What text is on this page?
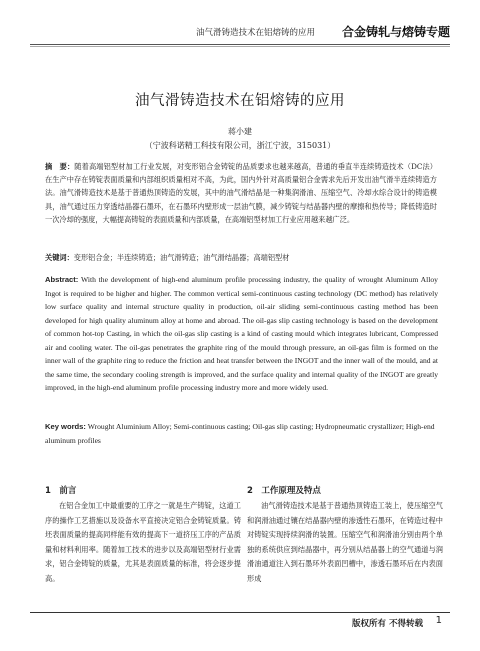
油气滑铸造技术在铝熔铸的应用 合金铸轧与熔铸专题
油气滑铸造技术在铝熔铸的应用
蒋小建
（宁波科诺精工科技有限公司，浙江宁波，315031）
摘　要：随着高端铝型材加工行业发展，对变形铝合金铸锭的品质要求也越来越高，普通的垂直半连续铸造技术（DC法）在生产中存在铸锭表面质量和内部组织质量相对不高，为此，国内外针对高质量铝合金需求先后开发出油气滑半连续铸造方法。油气滑铸造技术是基于普通热顶铸造的发展，其中的油气滑结晶是一种集润滑油、压缩空气、冷却水综合设计的铸造模具，油气通过压力穿透结晶器石墨环，在石墨环内壁形成一层油气膜，减少铸锭与结晶器内壁的摩擦和热传导；降低铸造时一次冷却的强度，大幅提高铸锭的表面质量和内部质量，在高端铝型材加工行业应用越来越广泛。
关键词：变形铝合金；半连续铸造；油气滑铸造；油气滑结晶器；高端铝型材
Abstract: With the development of high-end aluminum profile processing industry, the quality of wrought Aluminum Alloy Ingot is required to be higher and higher. The common vertical semi-continuous casting technology (DC method) has relatively low surface quality and internal structure quality in production, oil-air sliding semi-continuous casting method has been developed for high quality aluminum alloy at home and abroad. The oil-gas slip casting technology is based on the development of common hot-top Casting, in which the oil-gas slip casting is a kind of casting mould which integrates lubricant, Compressed air and cooling water. The oil-gas penetrates the graphite ring of the mould through pressure, an oil-gas film is formed on the inner wall of the graphite ring to reduce the friction and heat transfer between the INGOT and the inner wall of the mould, and at the same time, the secondary cooling strength is improved, and the surface quality and internal quality of the INGOT are greatly improved, in the high-end aluminum profile processing industry more and more widely used.
Key words: Wrought Aluminium Alloy; Semi-continuous casting; Oil-gas slip casting; Hydropneumatic crystallizer; High-end aluminum profiles
1　前言
在铝合金加工中最重要的工序之一就是生产铸锭，这道工序的操作工艺措施以及设备水平直接决定铝合金铸锭质量。铸坯表面质量的提高同样能有效的提高下一道挤压工序的产品质量和材料利用率。随着加工技术的进步以及高端铝型材行业需求，铝合金铸锭的质量，尤其是表面质量的标准，将会逐步提高。
2　工作原理及特点
油气滑铸造技术是基于普通热顶铸造工装上，使压缩空气和润滑油通过镶在结晶器内壁的渗透性石墨环，在铸造过程中对铸锭实现持续润滑的装置。压缩空气和润滑油分别由两个单独的系统供应到结晶器中，再分别从结晶器上的空气通道与润滑油通道注入到石墨环外表面凹槽中，渗透石墨环后在内表面形成
版权所有 不得转载 1
